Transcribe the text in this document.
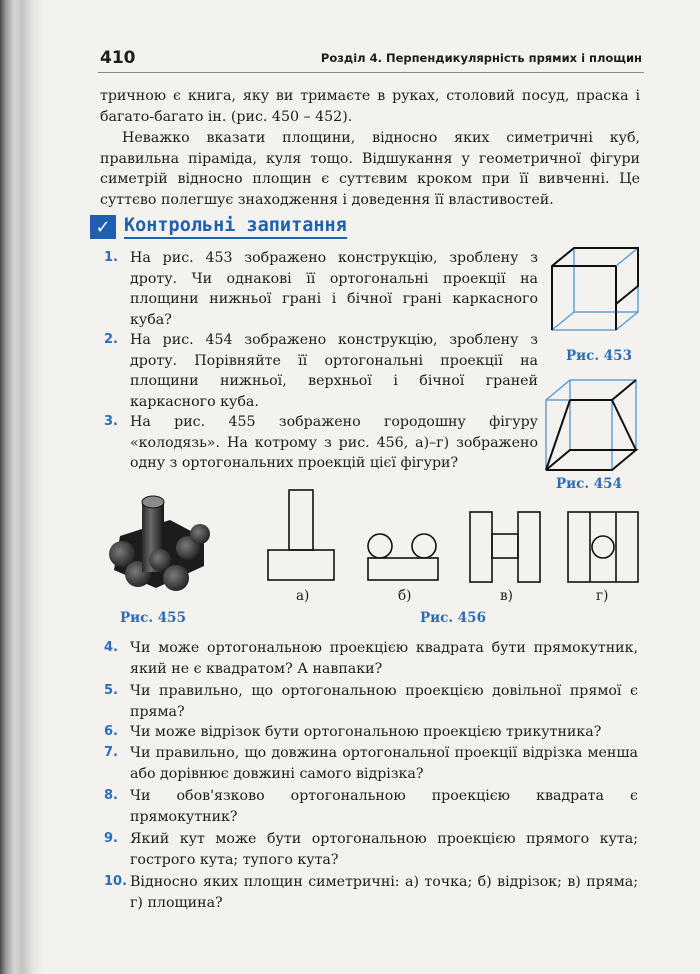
410	Розділ 4. Перпендикулярність прямих і площин

тричною є книга, яку ви тримаєте в руках, столовий посуд, праска і багато-багато ін. (рис. 450 – 452).

Неважко вказати площини, відносно яких симетричні куб, правильна піраміда, куля тощо. Відшукання у геометричної фігури симетрій відносно площин є суттєвим кроком при її вивченні. Це суттєво полегшує знаходження і доведення її властивостей.

✓ Контрольні запитання
1. На рис. 453 зображено конструкцію, зроблену з дроту. Чи однакові її ортогональні проекції на площини нижньої грані і бічної грані каркасного куба?
2. На рис. 454 зображено конструкцію, зроблену з дроту. Порівняйте її ортогональні проекції на площини нижньої, верхньої і бічної граней каркасного куба.
3. На рис. 455 зображено городошну фігуру «колодязь». На котрому з рис. 456, а)–г) зображено одну з ортогональних проекцій цієї фігури?
Рис. 453
Рис. 454
Рис. 455
а)	б)	в)	г)
Рис. 456
4. Чи може ортогональною проекцією квадрата бути прямокутник, який не є квадратом? А навпаки?
5. Чи правильно, що ортогональною проекцією довільної прямої є пряма?
6. Чи може відрізок бути ортогональною проекцією трикутника?
7. Чи правильно, що довжина ортогональної проекції відрізка менша або дорівнює довжині самого відрізка?
8. Чи обов'язково ортогональною проекцією квадрата є прямокутник?
9. Який кут може бути ортогональною проекцією прямого кута; гострого кута; тупого кута?
10. Відносно яких площин симетричні: а) точка; б) відрізок; в) пряма; г) площина?
